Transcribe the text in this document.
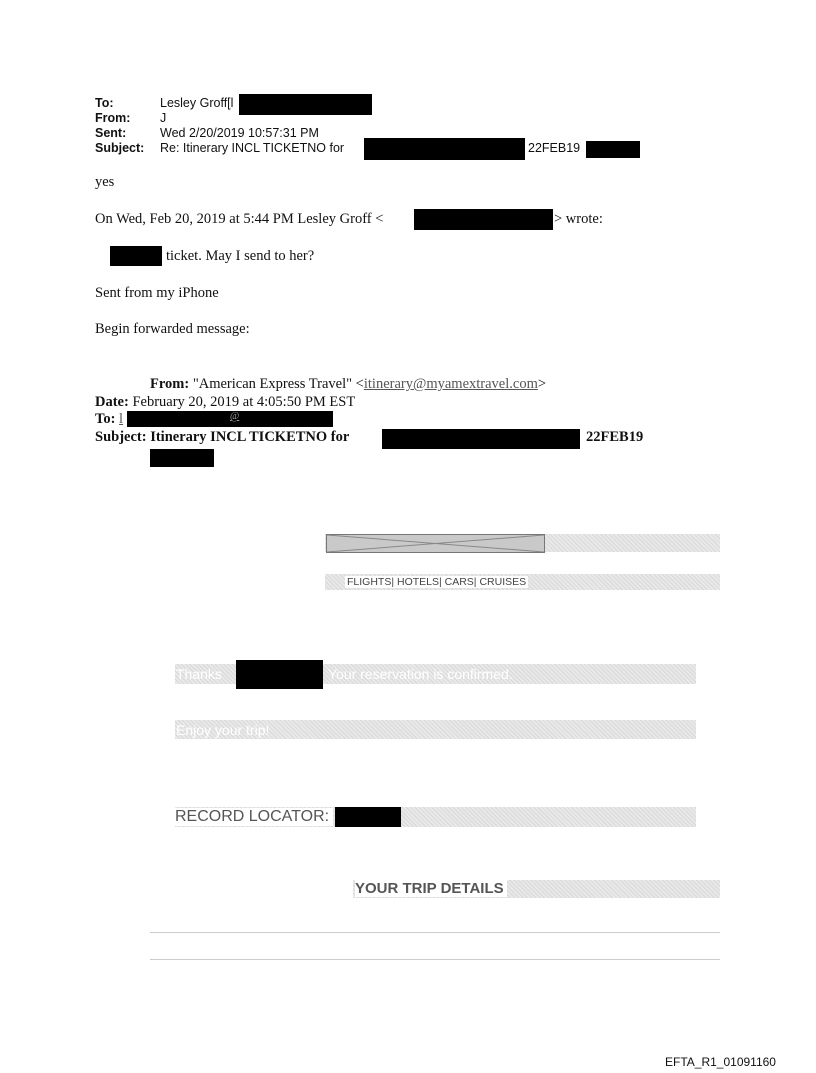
To:	Lesley Groff[l
From: J
Sent:	Wed 2/20/2019 10:57:31 PM
Subject: Re: Itinerary INCL TICKETNO for	22FEB19
yes
On Wed, Feb 20, 2019 at 5:44 PM Lesley Groff <	> wrote:
ticket. May I send to her?
Sent from my iPhone
Begin forwarded message:
From: "American Express Travel" <itinerary@myamextravel.com>
Date: February 20, 2019 at 4:05:50 PM EST
To: l	@
Subject: Itinerary INCL TICKETNO for	22FEB19
FLIGHTS| HOTELS| CARS| CRUISES
Thanks	Your reservation is confirmed.
Enjoy your trip!
RECORD LOCATOR:
YOUR TRIP DETAILS
EFTA_R1_01091160
